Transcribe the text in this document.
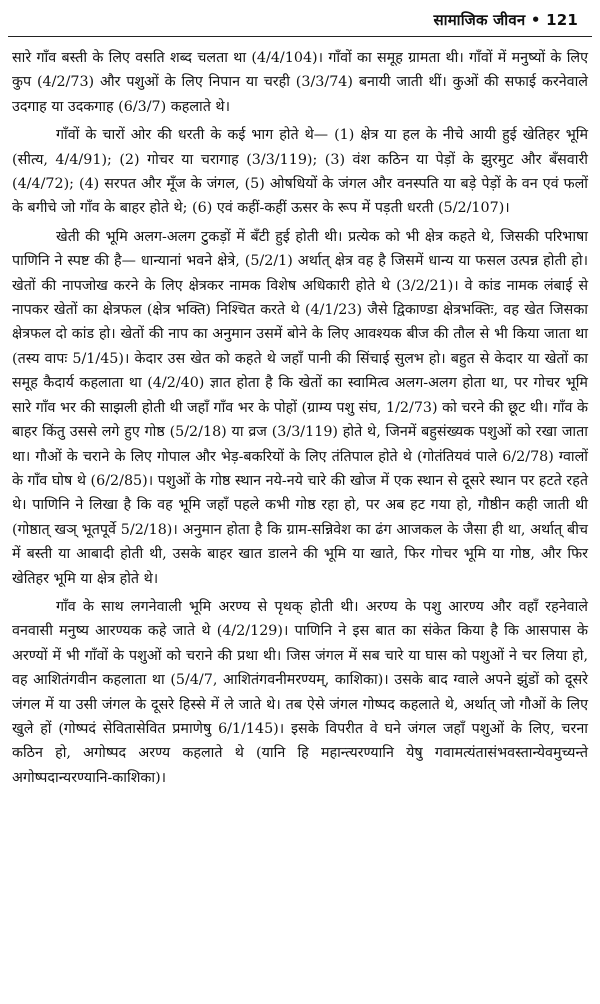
सामाजिक जीवन • 121

सारे गाँव बस्ती के लिए वसति शब्द चलता था (4/4/104)। गाँवों का समूह ग्रामता थी। गाँवों में मनुष्यों के लिए कुप (4/2/73) और पशुओं के लिए निपान या चरही (3/3/74) बनायी जाती थीं। कुओं की सफाई करनेवाले उदगाह या उदकगाह (6/3/7) कहलाते थे।

गाँवों के चारों ओर की धरती के कई भाग होते थे— (1) क्षेत्र या हल के नीचे आयी हुई खेतिहर भूमि (सीत्य, 4/4/91); (2) गोचर या चरागाह (3/3/119); (3) वंश कठिन या पेड़ों के झुरमुट और बँसवारी (4/4/72); (4) सरपत और मूँज के जंगल, (5) ओषधियों के जंगल और वनस्पति या बड़े पेड़ों के वन एवं फलों के बगीचे जो गाँव के बाहर होते थे; (6) एवं कहीं-कहीं ऊसर के रूप में पड़ती धरती (5/2/107)।

खेती की भूमि अलग-अलग टुकड़ों में बँटी हुई होती थी। प्रत्येक को भी क्षेत्र कहते थे, जिसकी परिभाषा पाणिनि ने स्पष्ट की है— धान्यानां भवने क्षेत्रे, (5/2/1) अर्थात् क्षेत्र वह है जिसमें धान्य या फसल उत्पन्न होती हो। खेतों की नापजोख करने के लिए क्षेत्रकर नामक विशेष अधिकारी होते थे (3/2/21)। वे कांड नामक लंबाई से नापकर खेतों का क्षेत्रफल (क्षेत्र भक्ति) निश्चित करते थे (4/1/23) जैसे द्विकाण्डा क्षेत्रभक्तिः, वह खेत जिसका क्षेत्रफल दो कांड हो। खेतों की नाप का अनुमान उसमें बोने के लिए आवश्यक बीज की तौल से भी किया जाता था (तस्य वापः 5/1/45)। केदार उस खेत को कहते थे जहाँ पानी की सिंचाई सुलभ हो। बहुत से केदार या खेतों का समूह कैदार्य कहलाता था (4/2/40) ज्ञात होता है कि खेतों का स्वामित्व अलग-अलग होता था, पर गोचर भूमि सारे गाँव भर की साझली होती थी जहाँ गाँव भर के पोहों (ग्राम्य पशु संघ, 1/2/73) को चरने की छूट थी। गाँव के बाहर किंतु उससे लगे हुए गोष्ठ (5/2/18) या व्रज (3/3/119) होते थे, जिनमें बहुसंख्यक पशुओं को रखा जाता था। गौओं के चराने के लिए गोपाल और भेड़-बकरियों के लिए तंतिपाल होते थे (गोतंतियवं पाले 6/2/78) ग्वालों के गाँव घोष थे (6/2/85)। पशुओं के गोष्ठ स्थान नये-नये चारे की खोज में एक स्थान से दूसरे स्थान पर हटते रहते थे। पाणिनि ने लिखा है कि वह भूमि जहाँ पहले कभी गोष्ठ रहा हो, पर अब हट गया हो, गौष्ठीन कही जाती थी (गोष्ठात् खञ् भूतपूर्वे 5/2/18)। अनुमान होता है कि ग्राम-सन्निवेश का ढंग आजकल के जैसा ही था, अर्थात् बीच में बस्ती या आबादी होती थी, उसके बाहर खात डालने की भूमि या खाते, फिर गोचर भूमि या गोष्ठ, और फिर खेतिहर भूमि या क्षेत्र होते थे।

गाँव के साथ लगनेवाली भूमि अरण्य से पृथक् होती थी। अरण्य के पशु आरण्य और वहाँ रहनेवाले वनवासी मनुष्य आरण्यक कहे जाते थे (4/2/129)। पाणिनि ने इस बात का संकेत किया है कि आसपास के अरण्यों में भी गाँवों के पशुओं को चराने की प्रथा थी। जिस जंगल में सब चारे या घास को पशुओं ने चर लिया हो, वह आशितंगवीन कहलाता था (5/4/7, आशितंगवनीमरण्यम्, काशिका)। उसके बाद ग्वाले अपने झुंडों को दूसरे जंगल में या उसी जंगल के दूसरे हिस्से में ले जाते थे। तब ऐसे जंगल गोष्पद कहलाते थे, अर्थात् जो गौओं के लिए खुले हों (गोष्पदं सेवितासेवित प्रमाणेषु 6/1/145)। इसके विपरीत वे घने जंगल जहाँ पशुओं के लिए, चरना कठिन हो, अगोष्पद अरण्य कहलाते थे (यानि हि महान्त्यरण्यानि येषु गवामत्यंतासंभवस्तान्येवमुच्यन्ते अगोष्पदान्यरण्यानि-काशिका)।
